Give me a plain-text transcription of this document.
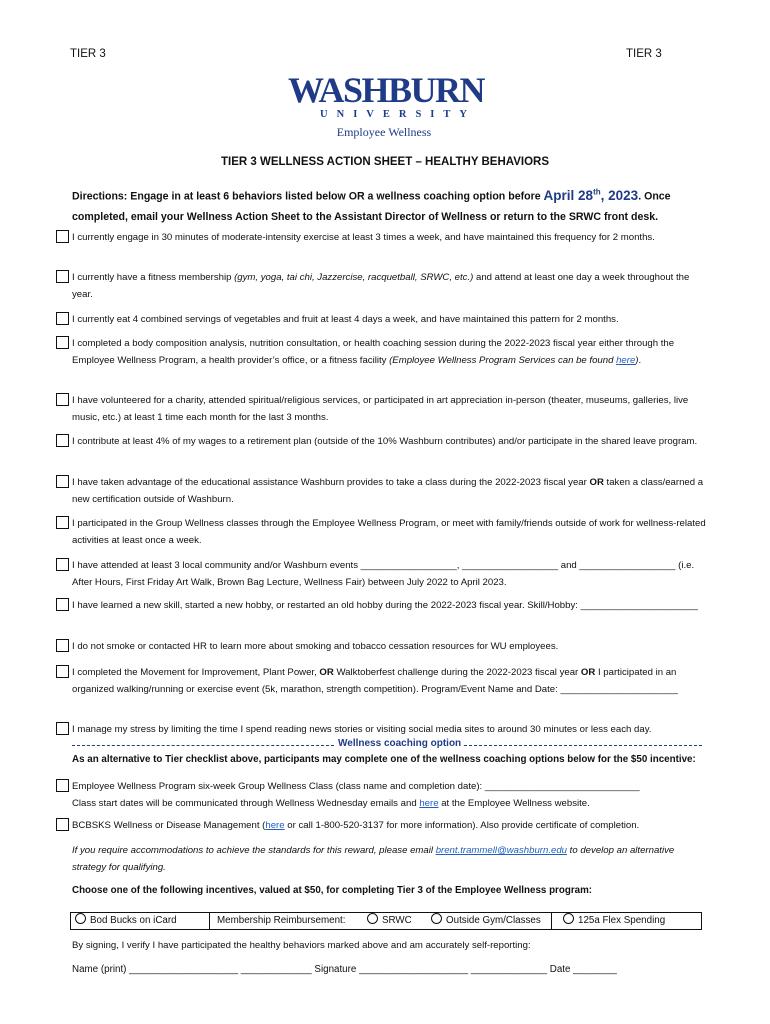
TIER 3	TIER 3
WASHBURN
UNIVERSITY
Employee Wellness
TIER 3 WELLNESS ACTION SHEET – HEALTHY BEHAVIORS
Directions: Engage in at least 6 behaviors listed below OR a wellness coaching option before April 28th, 2023. Once completed, email your Wellness Action Sheet to the Assistant Director of Wellness or return to the SRWC front desk.
I currently engage in 30 minutes of moderate-intensity exercise at least 3 times a week, and have maintained this frequency for 2 months.
I currently have a fitness membership (gym, yoga, tai chi, Jazzercise, racquetball, SRWC, etc.) and attend at least one day a week throughout the year.
I currently eat 4 combined servings of vegetables and fruit at least 4 days a week, and have maintained this pattern for 2 months.
I completed a body composition analysis, nutrition consultation, or health coaching session during the 2022-2023 fiscal year either through the Employee Wellness Program, a health provider’s office, or a fitness facility (Employee Wellness Program Services can be found here).
I have volunteered for a charity, attended spiritual/religious services, or participated in art appreciation in-person (theater, museums, galleries, live music, etc.) at least 1 time each month for the last 3 months.
I contribute at least 4% of my wages to a retirement plan (outside of the 10% Washburn contributes) and/or participate in the shared leave program.
I have taken advantage of the educational assistance Washburn provides to take a class during the 2022-2023 fiscal year OR taken a class/earned a new certification outside of Washburn.
I participated in the Group Wellness classes through the Employee Wellness Program, or meet with family/friends outside of work for wellness-related activities at least once a week.
I have attended at least 3 local community and/or Washburn events __________________, __________________ and __________________ (i.e. After Hours, First Friday Art Walk, Brown Bag Lecture, Wellness Fair) between July 2022 to April 2023.
I have learned a new skill, started a new hobby, or restarted an old hobby during the 2022-2023 fiscal year. Skill/Hobby: ______________________
I do not smoke or contacted HR to learn more about smoking and tobacco cessation resources for WU employees.
I completed the Movement for Improvement, Plant Power, OR Walktoberfest challenge during the 2022-2023 fiscal year OR I participated in an organized walking/running or exercise event (5k, marathon, strength competition). Program/Event Name and Date: ______________________
I manage my stress by limiting the time I spend reading news stories or visiting social media sites to around 30 minutes or less each day.
Wellness coaching option
As an alternative to Tier checklist above, participants may complete one of the wellness coaching options below for the $50 incentive:
Employee Wellness Program six-week Group Wellness Class (class name and completion date): _____________________________
Class start dates will be communicated through Wellness Wednesday emails and here at the Employee Wellness website.
BCBSKS Wellness or Disease Management (here or call 1-800-520-3137 for more information). Also provide certificate of completion.
If you require accommodations to achieve the standards for this reward, please email brent.trammell@washburn.edu to develop an alternative strategy for qualifying.
Choose one of the following incentives, valued at $50, for completing Tier 3 of the Employee Wellness program:
Bod Bucks on iCard	Membership Reimbursement:	SRWC	Outside Gym/Classes	125a Flex Spending
By signing, I verify I have participated the healthy behaviors marked above and am accurately self-reporting:
Name (print) ____________________ _____________ Signature ____________________ ______________ Date ________
